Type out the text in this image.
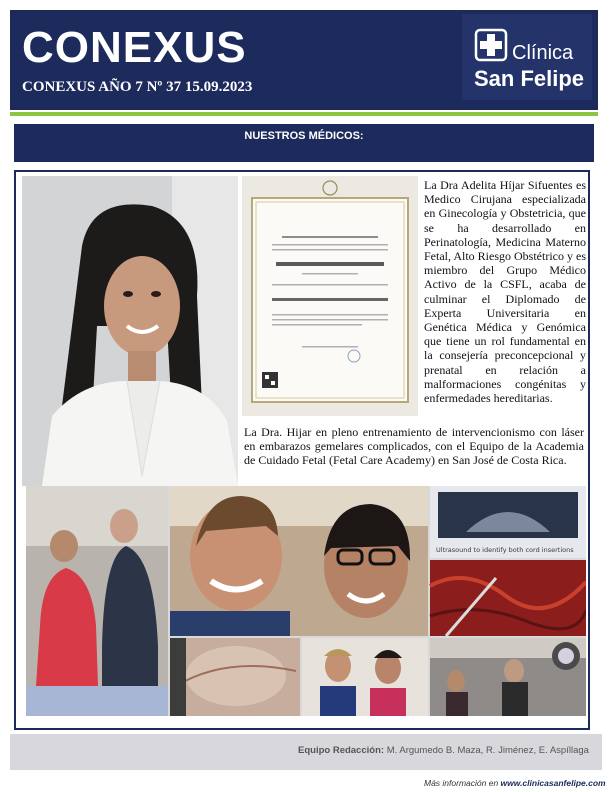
CONEXUS
CONEXUS AÑO 7 Nº 37 15.09.2023
Clínica
San Felipe
NUESTROS MÉDICOS:
La Dra Adelita Híjar Sifuentes es Medico Cirujana especializada en Ginecología y Obstetricia, que se ha desarrollado en Perinatología, Medicina Materno Fetal, Alto Riesgo Obstétrico y es miembro del Grupo Médico Activo de la CSFL, acaba de culminar el Diplomado de Experta Universitaria en Genética Médica y Genómica que tiene un rol fundamental en la consejería preconcepcional y prenatal en relación a malformaciones congénitas y enfermedades hereditarias.
La Dra. Hijar en pleno entrenamiento de intervencionismo con láser en embarazos gemelares complicados, con el Equipo de la Academia de Cuidado Fetal (Fetal Care Academy) en San José de Costa Rica.
Ultrasound to identify both cord insertions
Equipo Redacción: M. Argumedo B. Maza, R. Jiménez, E. Aspíllaga
Más información en www.clinicasanfelipe.com
